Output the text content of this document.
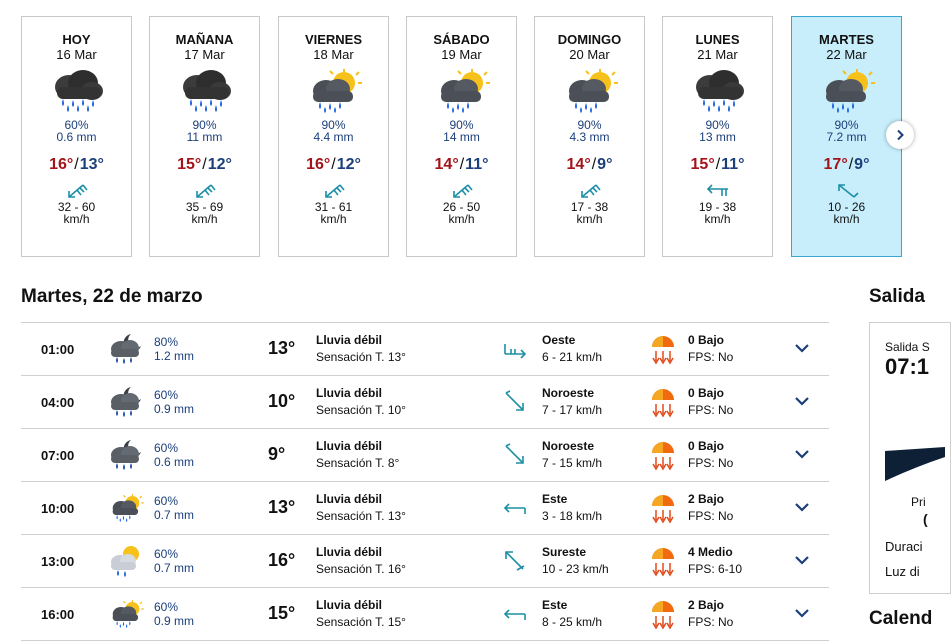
HOY
16 Mar
60%
0.6 mm
16°/13°
32 - 60
km/h
MAÑANA
17 Mar
90%
11 mm
15°/12°
35 - 69
km/h
VIERNES
18 Mar
90%
4.4 mm
16°/12°
31 - 61
km/h
SÁBADO
19 Mar
90%
14 mm
14°/11°
26 - 50
km/h
DOMINGO
20 Mar
90%
4.3 mm
14°/9°
17 - 38
km/h
LUNES
21 Mar
90%
13 mm
15°/11°
19 - 38
km/h
MARTES
22 Mar
90%
7.2 mm
17°/9°
10 - 26
km/h
Martes, 22 de marzo
01:00	80%
1.2 mm	13° Lluvia débil
Sensación T. 13°
Oeste
6 - 21 km/h
0 Bajo
FPS: No
04:00	60%
0.9 mm	10° Lluvia débil
Sensación T. 10°
Noroeste
7 - 17 km/h
0 Bajo
FPS: No
07:00	60%
0.6 mm	9°	Lluvia débil
Sensación T. 8°
Noroeste
7 - 15 km/h
0 Bajo
FPS: No
10:00	60%
0.7 mm	13° Lluvia débil
Sensación T. 13°
Este
3 - 18 km/h
2 Bajo
FPS: No
13:00	60%
0.7 mm	16° Lluvia débil
Sensación T. 16°
Sureste
10 - 23 km/h
4 Medio
FPS: 6-10
16:00	60%
0.9 mm	15° Lluvia débil
Sensación T. 15°
Este
8 - 25 km/h
2 Bajo
FPS: No
Salida
Salida S
07:1
Pri
(
Duraci
Luz di
Calend
